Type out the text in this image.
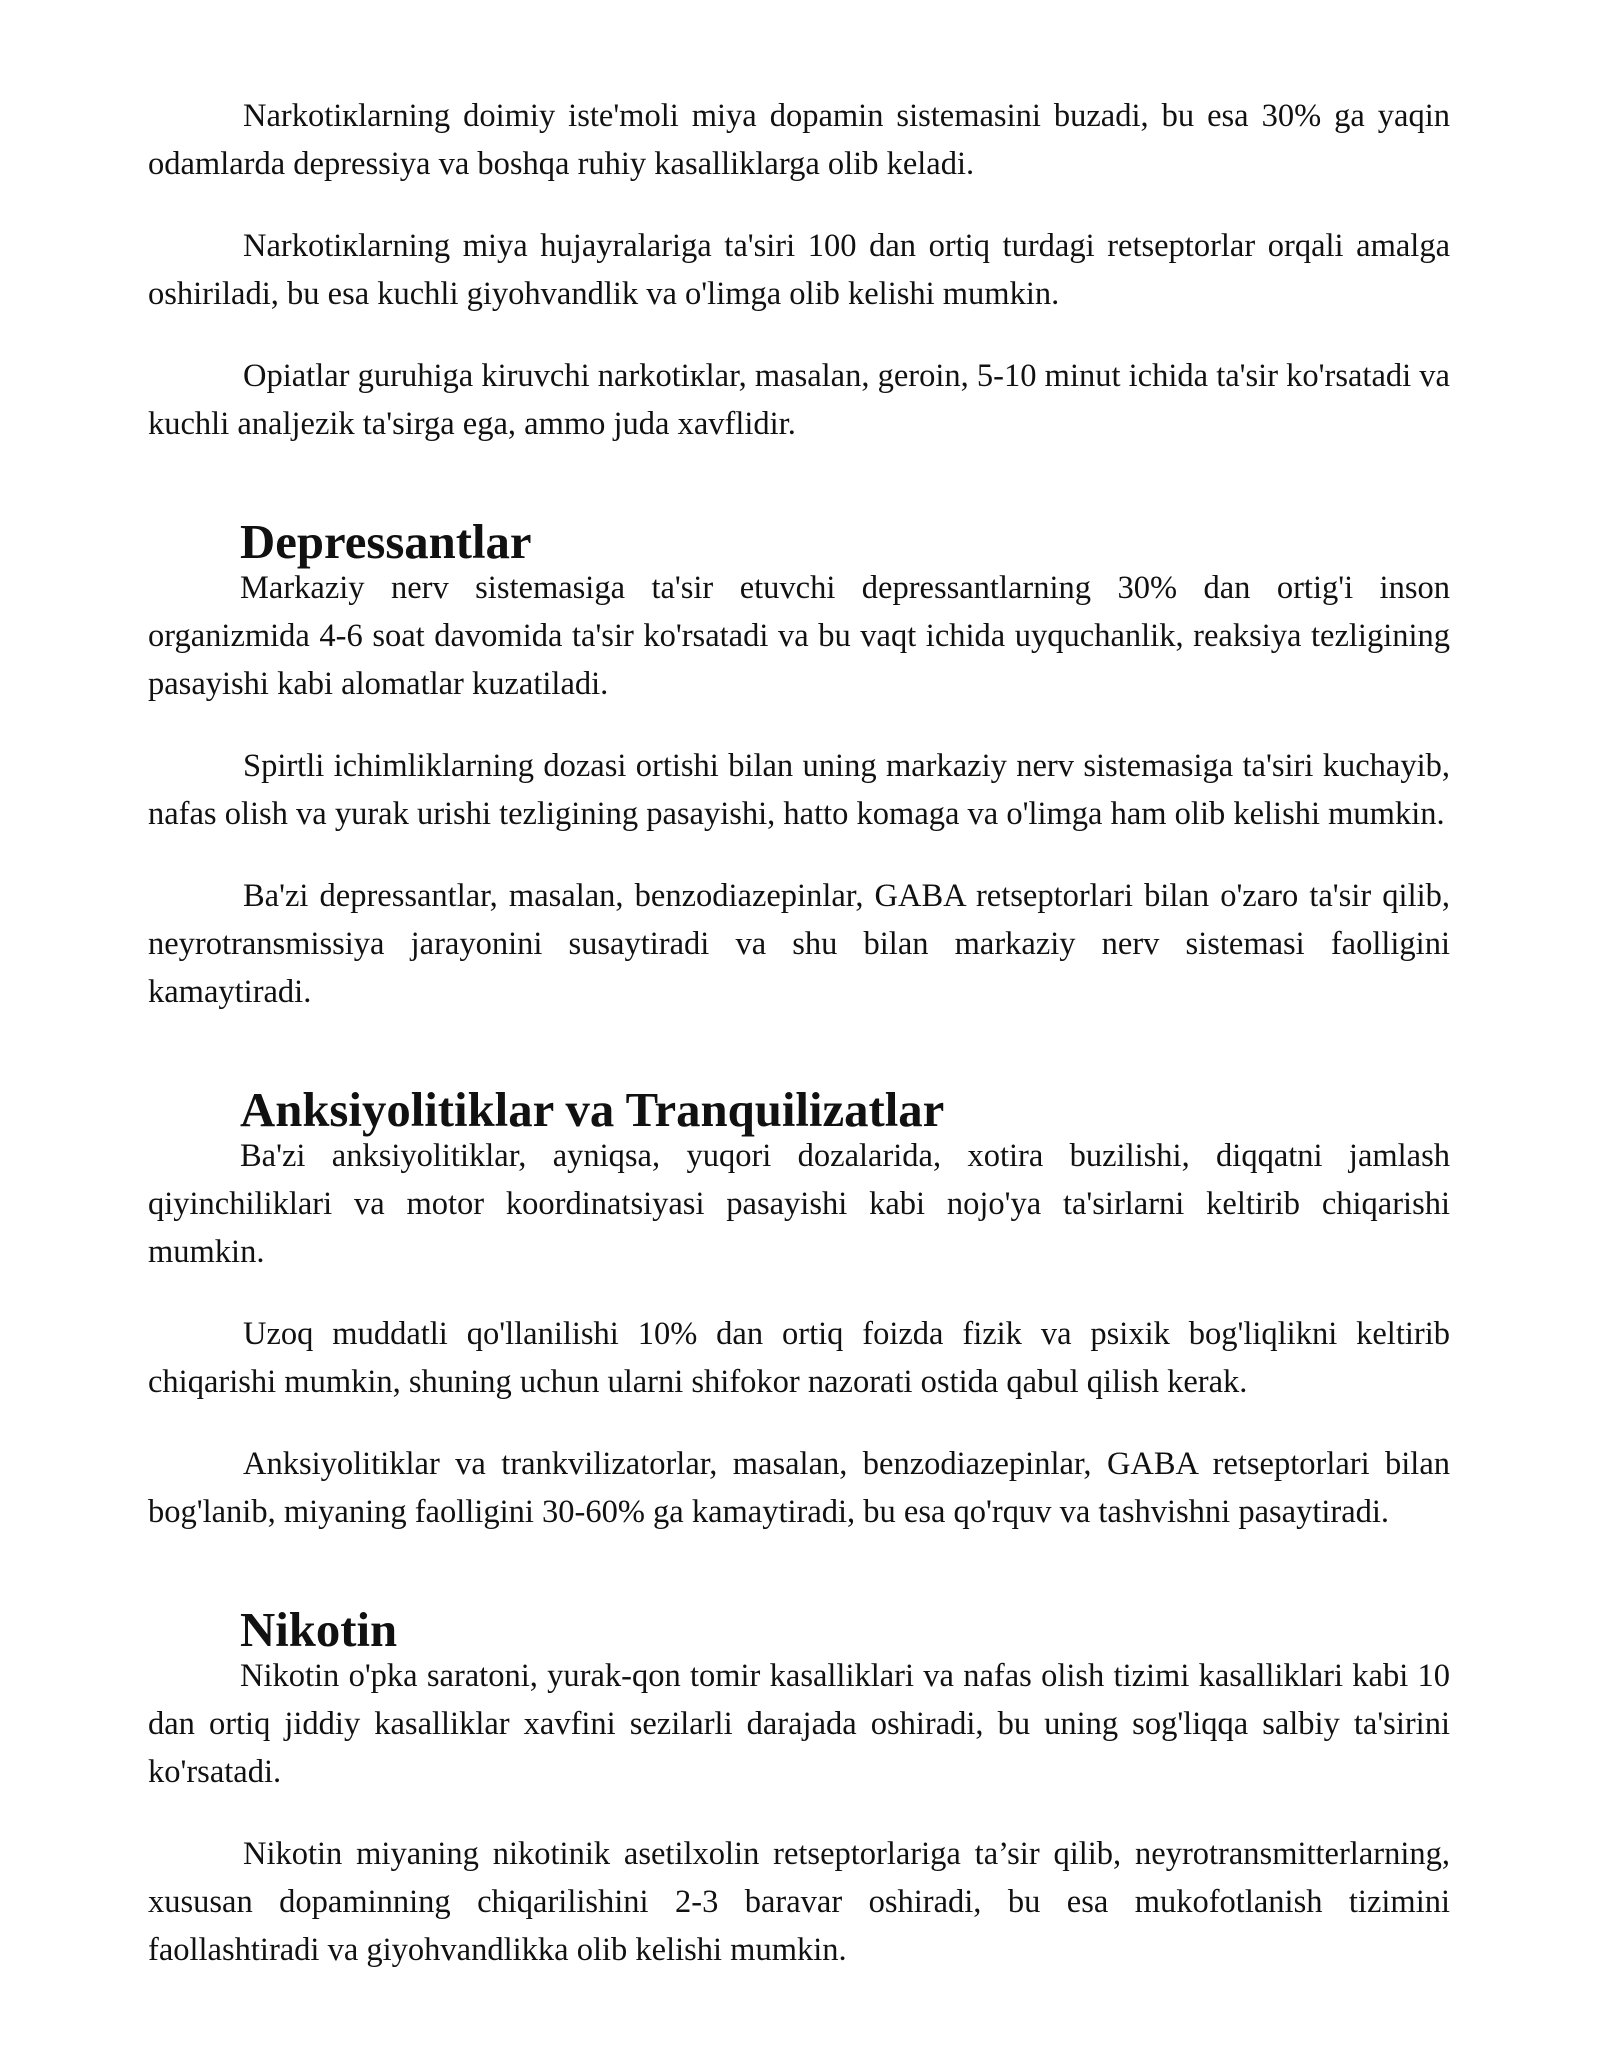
Narkotiкlarning doimiy iste'moli miya dopamin sistemasini buzadi, bu esa 30% ga yaqin odamlarda depressiya va boshqa ruhiy kasalliklarga olib keladi.

Narkotiкlarning miya hujayralariga ta'siri 100 dan ortiq turdagi retseptorlar orqali amalga oshiriladi, bu esa kuchli giyohvandlik va o'limga olib kelishi mumkin.

Opiatlar guruhiga kiruvchi narkotiкlar, masalan, geroin, 5-10 minut ichida ta'sir ko'rsatadi va kuchli analjezik ta'sirga ega, ammo juda xavflidir.

Depressantlar

Markaziy nerv sistemasiga ta'sir etuvchi depressantlarning 30% dan ortig'i inson organizmida 4-6 soat davomida ta'sir ko'rsatadi va bu vaqt ichida uyquchanlik, reaksiya tezligining pasayishi kabi alomatlar kuzatiladi.

Spirtli ichimliklarning dozasi ortishi bilan uning markaziy nerv sistemasiga ta'siri kuchayib, nafas olish va yurak urishi tezligining pasayishi, hatto komaga va o'limga ham olib kelishi mumkin.

Ba'zi depressantlar, masalan, benzodiazepinlar, GABA retseptorlari bilan o'zaro ta'sir qilib, neyrotransmissiya jarayonini susaytiradi va shu bilan markaziy nerv sistemasi faolligini kamaytiradi.

Anksiyolitiklar va Tranquilizatlar

Ba'zi anksiyolitiklar, ayniqsa, yuqori dozalarida, xotira buzilishi, diqqatni jamlash qiyinchiliklari va motor koordinatsiyasi pasayishi kabi nojo'ya ta'sirlarni keltirib chiqarishi mumkin.

Uzoq muddatli qo'llanilishi 10% dan ortiq foizda fizik va psixik bog'liqlikni keltirib chiqarishi mumkin, shuning uchun ularni shifokor nazorati ostida qabul qilish kerak.

Anksiyolitiklar va trankvilizatorlar, masalan, benzodiazepinlar, GABA retseptorlari bilan bog'lanib, miyaning faolligini 30-60% ga kamaytiradi, bu esa qo'rquv va tashvishni pasaytiradi.

Nikotin

Nikotin o'pka saratoni, yurak-qon tomir kasalliklari va nafas olish tizimi kasalliklari kabi 10 dan ortiq jiddiy kasalliklar xavfini sezilarli darajada oshiradi, bu uning sog'liqqa salbiy ta'sirini ko'rsatadi.

Nikotin miyaning nikotinik asetilxolin retseptorlariga ta’sir qilib, neyrotransmitterlarning, xususan dopaminning chiqarilishini 2-3 baravar oshiradi, bu esa mukofotlanish tizimini faollashtiradi va giyohvandlikka olib kelishi mumkin.
